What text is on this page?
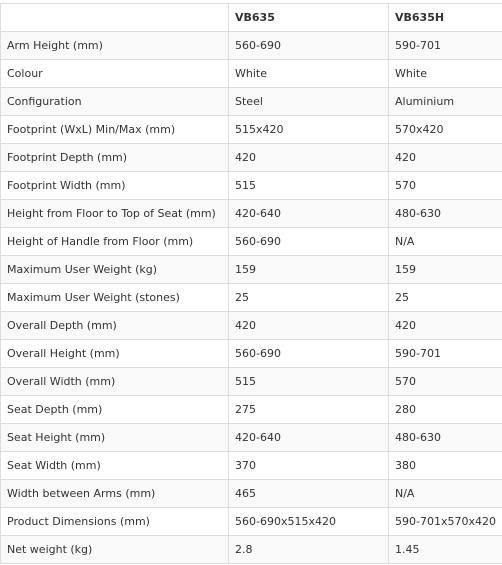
	VB635	VB635H
Arm Height (mm)	560-690	590-701
Colour	White	White
Configuration	Steel	Aluminium
Footprint (WxL) Min/Max (mm)	515x420	570x420
Footprint Depth (mm)	420	420
Footprint Width (mm)	515	570
Height from Floor to Top of Seat (mm)	420-640	480-630
Height of Handle from Floor (mm)	560-690	N/A
Maximum User Weight (kg)	159	159
Maximum User Weight (stones)	25	25
Overall Depth (mm)	420	420
Overall Height (mm)	560-690	590-701
Overall Width (mm)	515	570
Seat Depth (mm)	275	280
Seat Height (mm)	420-640	480-630
Seat Width (mm)	370	380
Width between Arms (mm)	465	N/A
Product Dimensions (mm)	560-690x515x420	590-701x570x420
Net weight (kg)	2.8	1.45
